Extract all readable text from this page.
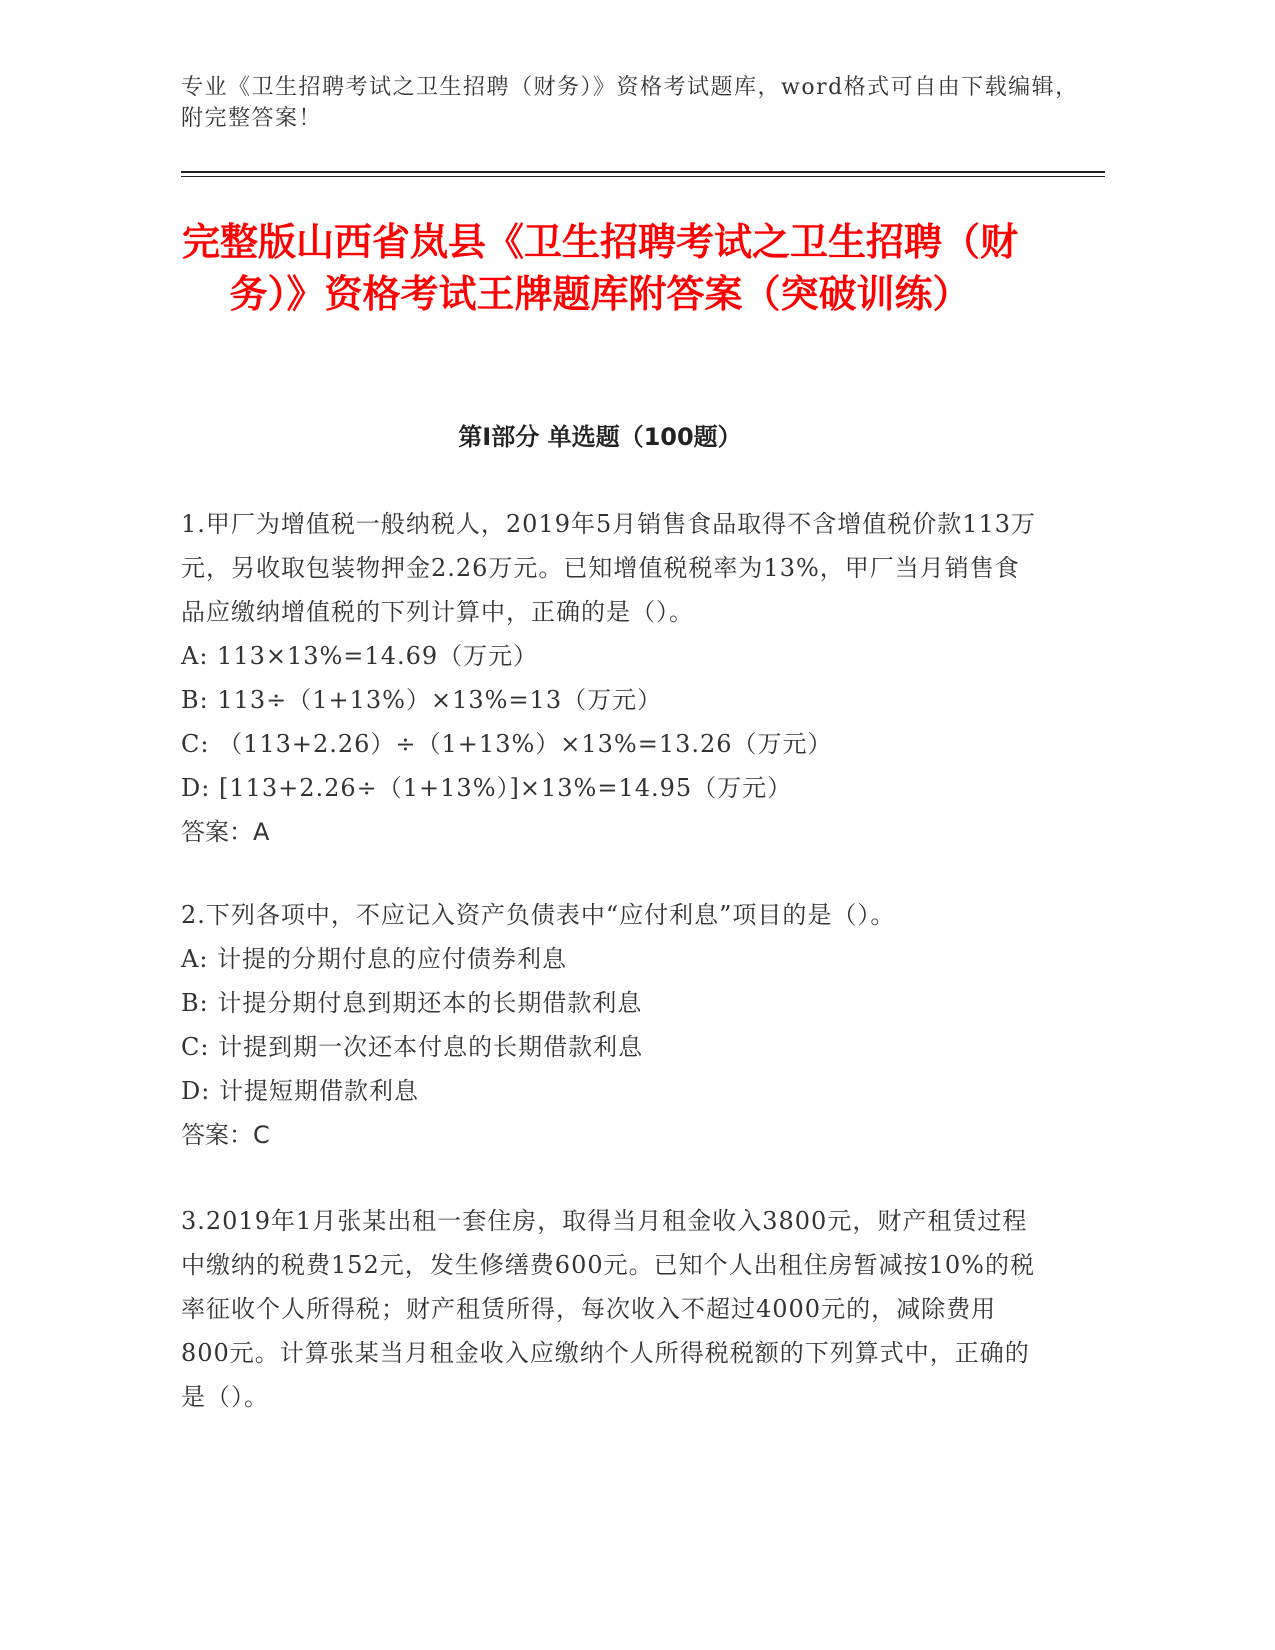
专业《卫生招聘考试之卫生招聘（财务）》资格考试题库，word格式可自由下载编辑，附完整答案！
完整版山西省岚县《卫生招聘考试之卫生招聘（财务）》资格考试王牌题库附答案（突破训练）
第Ⅰ部分 单选题（100题）
1.甲厂为增值税一般纳税人，2019年5月销售食品取得不含增值税价款113万元，另收取包装物押金2.26万元。已知增值税税率为13%，甲厂当月销售食品应缴纳增值税的下列计算中，正确的是（）。
A: 113×13%=14.69（万元）
B: 113÷（1+13%）×13%=13（万元）
C: （113+2.26）÷（1+13%）×13%=13.26（万元）
D: [113+2.26÷（1+13%）]×13%=14.95（万元）
答案：A
2.下列各项中，不应记入资产负债表中“应付利息”项目的是（）。
A: 计提的分期付息的应付债券利息
B: 计提分期付息到期还本的长期借款利息
C: 计提到期一次还本付息的长期借款利息
D: 计提短期借款利息
答案：C
3.2019年1月张某出租一套住房，取得当月租金收入3800元，财产租赁过程中缴纳的税费152元，发生修缮费600元。已知个人出租住房暂减按10%的税率征收个人所得税；财产租赁所得，每次收入不超过4000元的，减除费用800元。计算张某当月租金收入应缴纳个人所得税税额的下列算式中，正确的是（）。
